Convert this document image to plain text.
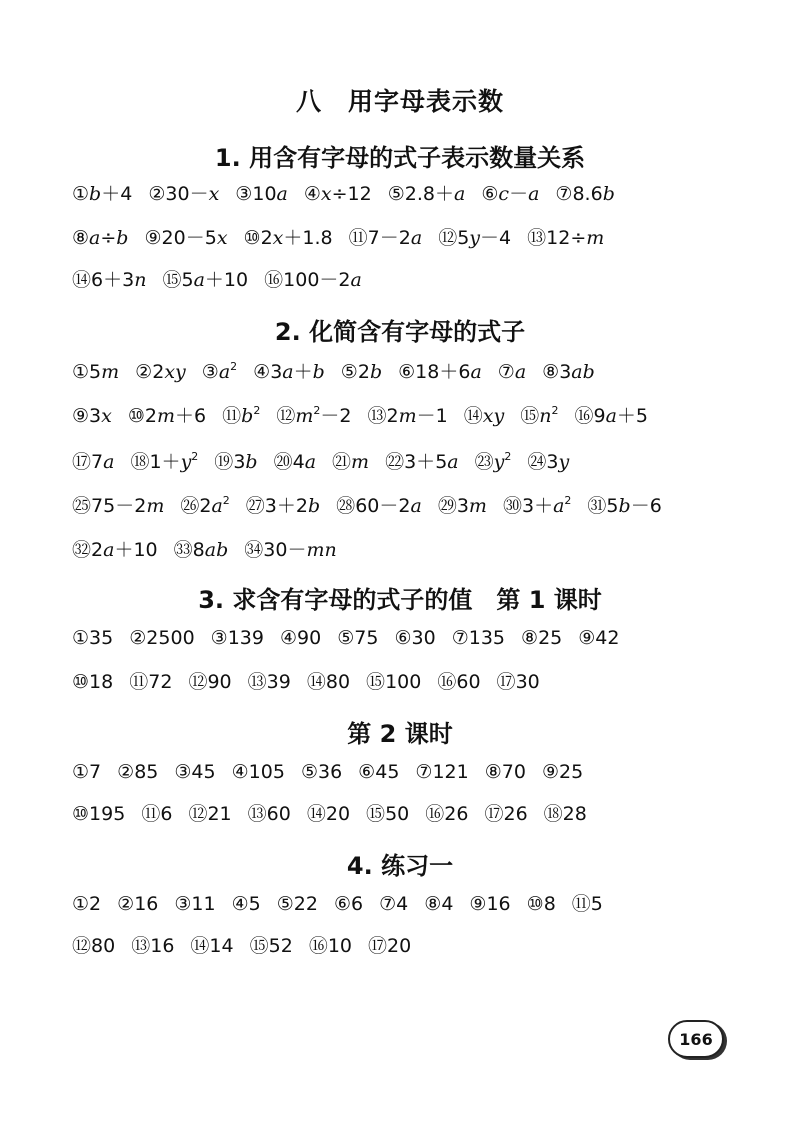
八　用字母表示数
1. 用含有字母的式子表示数量关系
①b＋4 ②30－x ③10a ④x÷12 ⑤2.8＋a ⑥c－a ⑦8.6b
⑧a÷b ⑨20－5x ⑩2x＋1.8 ⑪7－2a ⑫5y－4 ⑬12÷m
⑭6＋3n ⑮5a＋10 ⑯100－2a
2. 化简含有字母的式子
①5m ②2xy $③a^2$ ④3a＋b ⑤2b ⑥18＋6a ⑦a ⑧3ab
⑨3x ⑩2m＋6 $⑪b^2$ $⑫m^2-2$ ⑬2m－1 ⑭xy $⑮n^2$ ⑯9a＋5
⑰7a $⑱1+y^2$ ⑲3b ⑳4a ㉑m ㉒3＋5a $㉓y^2$ ㉔3y
㉕75－2m $㉖2a^2$ ㉗3＋2b ㉘60－2a ㉙3m $㉚3+a^2$ ㉛5b－6
㉜2a＋10 ㉝8ab ㉞30－mn
3. 求含有字母的式子的值　第 1 课时
①35 ②2500 ③139 ④90 ⑤75 ⑥30 ⑦135 ⑧25 ⑨42
⑩18 ⑪72 ⑫90 ⑬39 ⑭80 ⑮100 ⑯60 ⑰30
第 2 课时
①7 ②85 ③45 ④105 ⑤36 ⑥45 ⑦121 ⑧70 ⑨25
⑩195 ⑪6 ⑫21 ⑬60 ⑭20 ⑮50 ⑯26 ⑰26 ⑱28
4. 练习一
①2 ②16 ③11 ④5 ⑤22 ⑥6 ⑦4 ⑧4 ⑨16 ⑩8 ⑪5
⑫80 ⑬16 ⑭14 ⑮52 ⑯10 ⑰20
166
